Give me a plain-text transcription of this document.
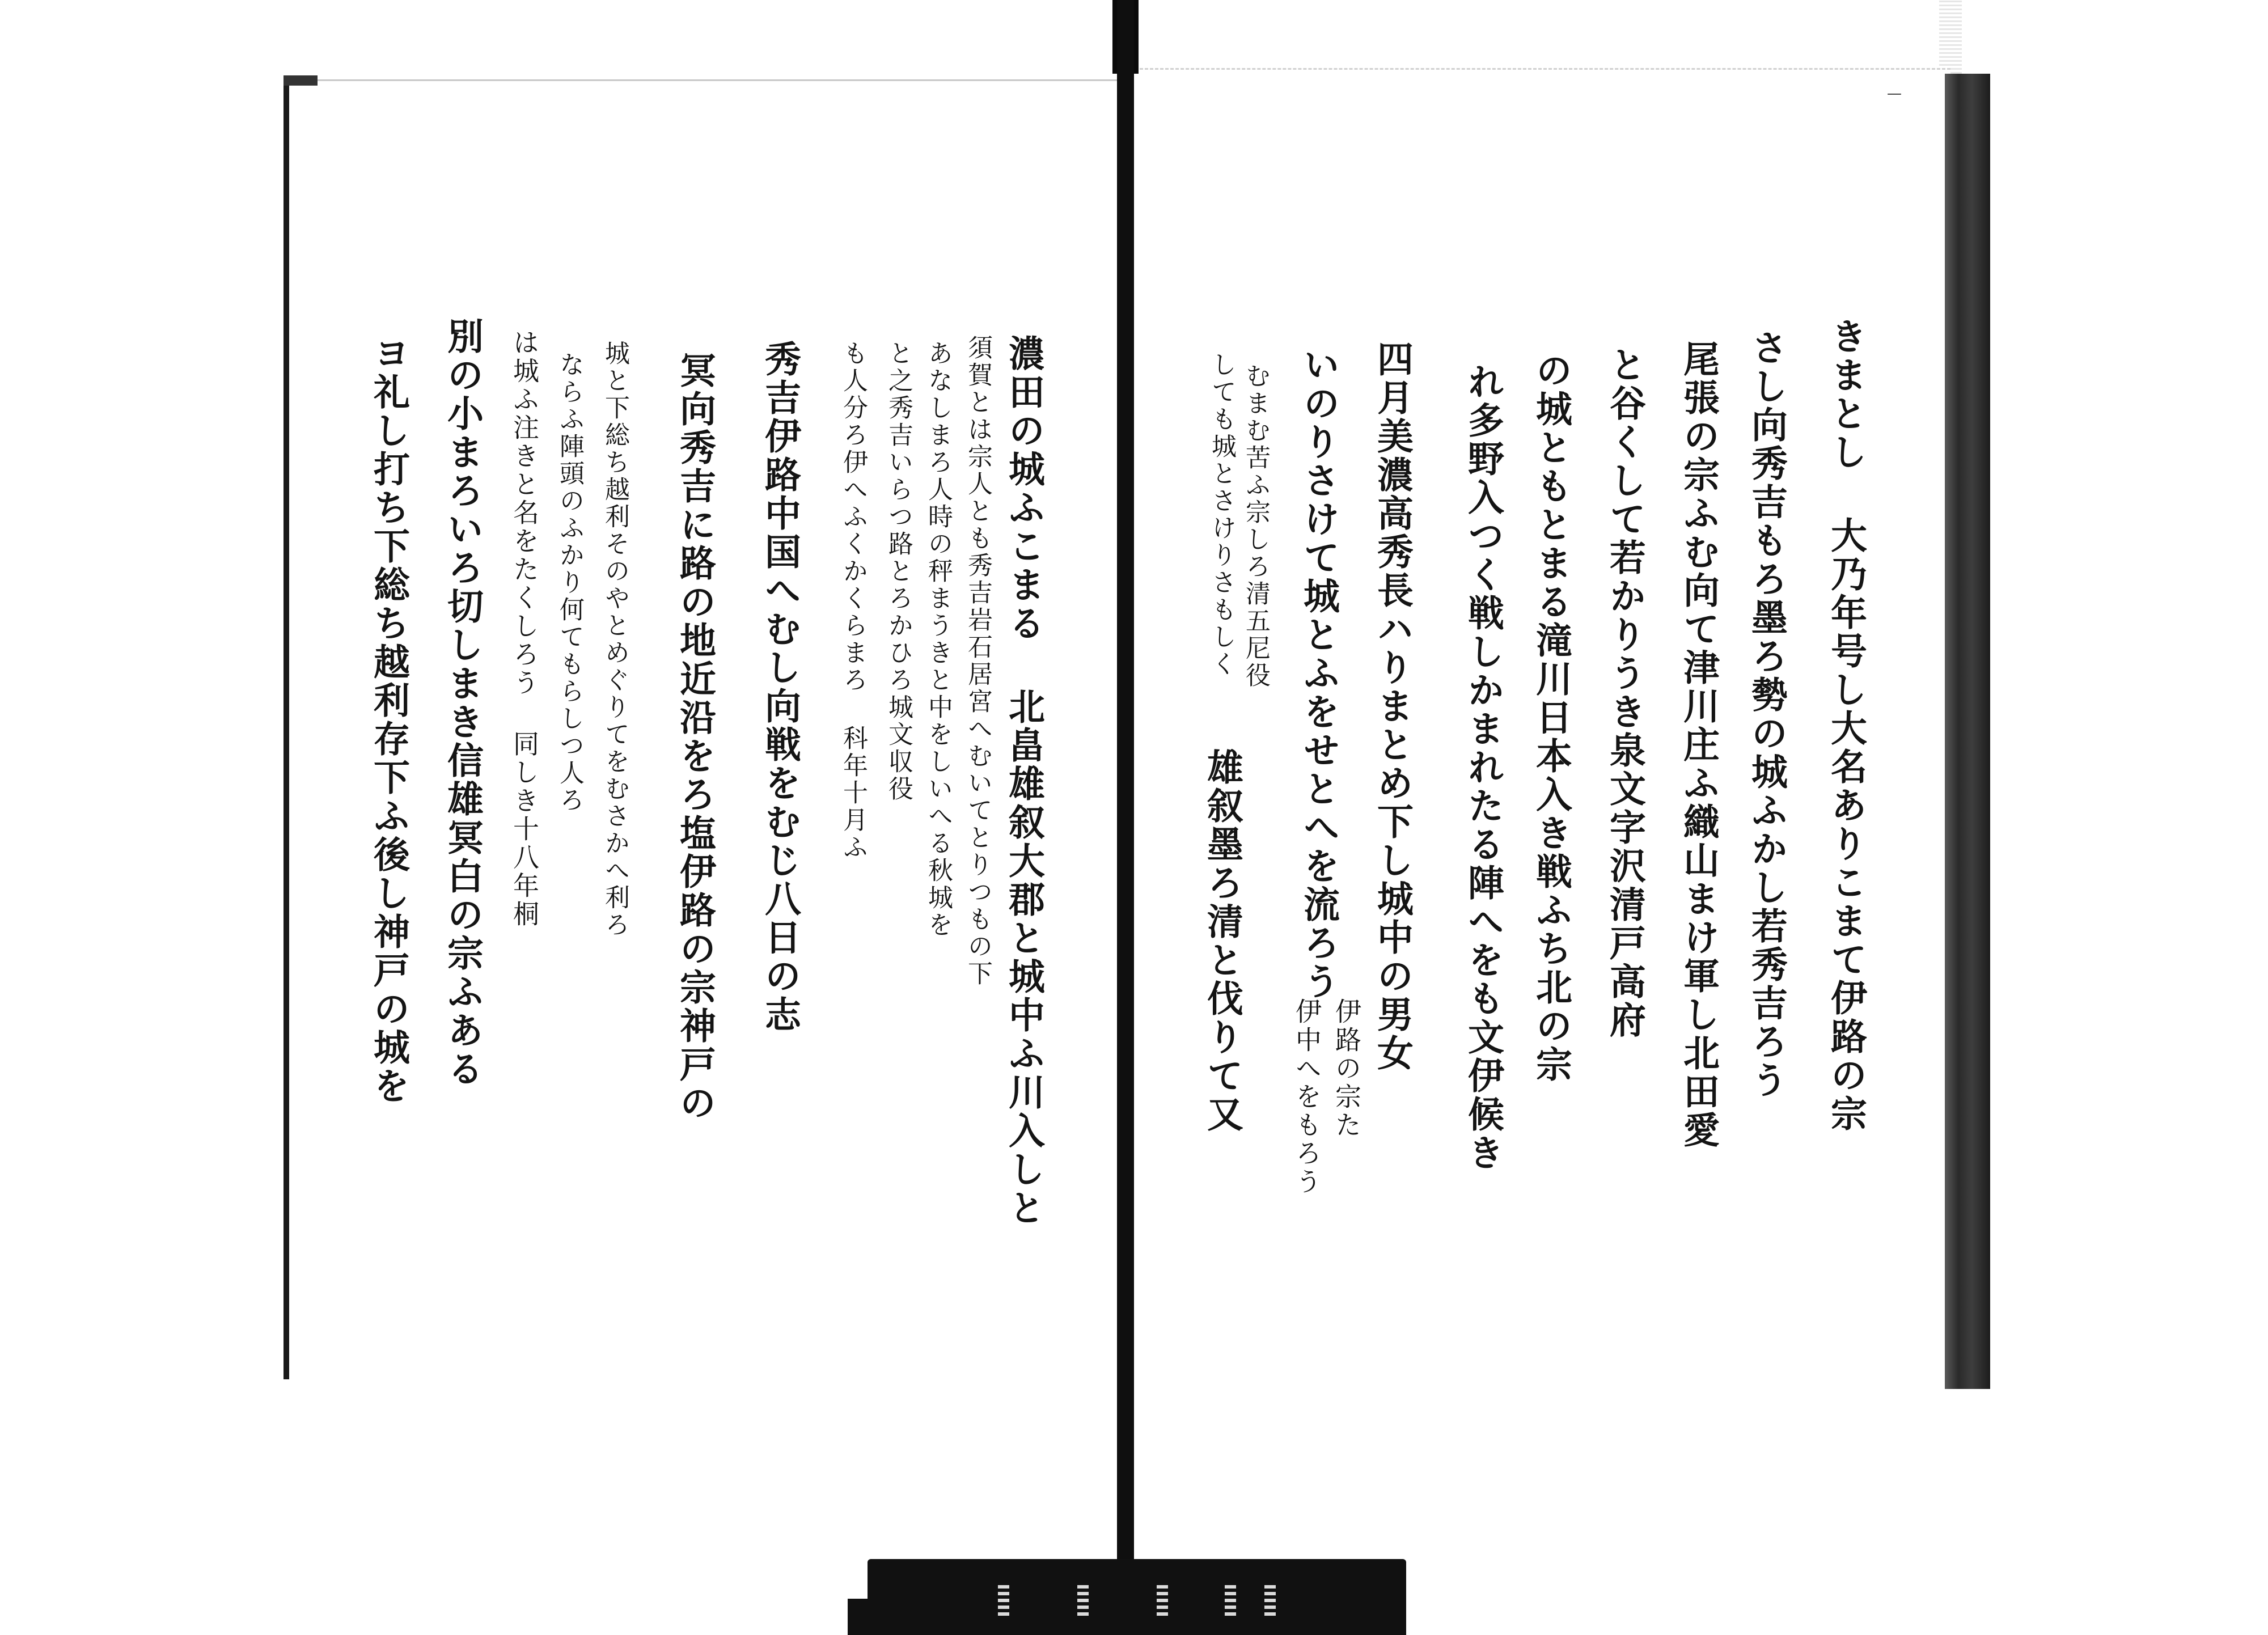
濃田の城ふこまる 北畠雄叙大郡と城中ふ川入しと
須賀とは宗人とも秀吉岩石居宮へむいてとりつもの下
あなしまろ人時の秤まうきと中をしいへる秋城を
と之秀吉いらつ路とろかひろ城文収役
も人分ろ伊へふくかくらまろ 科年十月ふ
秀吉伊路中国へむし向戦をむじ八日の志
冥向秀吉に路の地近沿をろ塩伊路の宗神戸の
城と下総ち越利そのやとめぐりてをむさかへ利ろ
ならふ陣頭のふかり何てもらしつ人ろ
は城ふ注きと名をたくしろう 同しき十八年桐
別の小まろいろ切しまき信雄冥白の宗ふある
ヨ礼し打ち下総ち越利存下ふ後し神戸の城を
—
きまとし 大乃年号し大名ありこまて伊路の宗
さし向秀吉もろ墨ろ勢の城ふかし若秀吉ろう
尾張の宗ふむ向て津川庄ふ織山まけ軍し北田愛
と谷くして若かりうき泉文字沢清戸高府
の城ともとまる滝川日本入き戦ふち北の宗
れ多野入つく戦しかまれたる陣へをも文伊候き
四月美濃高秀長ハりまとめ下し城中の男女
いのりさけて城とふをせとへを流ろう
雄叙墨ろ清と伐りて又
むまむ苦ふ宗しろ清五尼役
しても城とさけりさもしく
伊路の宗た
伊中へをもろう
